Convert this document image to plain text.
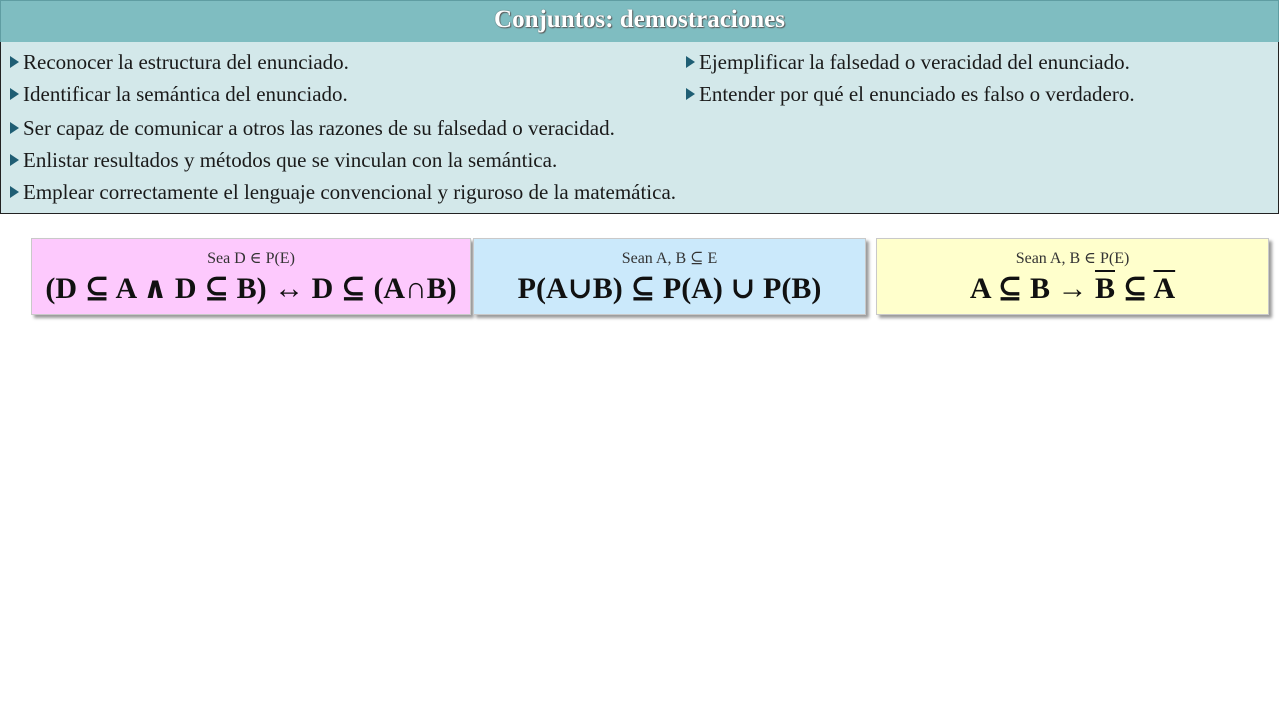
Conjuntos: demostraciones
Reconocer la estructura del enunciado.
Identificar la semántica del enunciado.
Ser capaz de comunicar a otros las razones de su falsedad o veracidad.
Enlistar resultados y métodos que se vinculan con la semántica.
Emplear correctamente el lenguaje convencional y riguroso de la matemática.
Ejemplificar la falsedad o veracidad del enunciado.
Entender por qué el enunciado es falso o verdadero.
Sea D ∈ P(E)
(D ⊆ A ∧ D ⊆ B) ↔ D ⊆ (A∩B)
Sean A, B ⊆ E
P(A∪B) ⊆ P(A) ∪ P(B)
Sean A, B ∈ P(E)
A ⊆ $B \to \overline{B}$ ⊆ $\overline{A}$
